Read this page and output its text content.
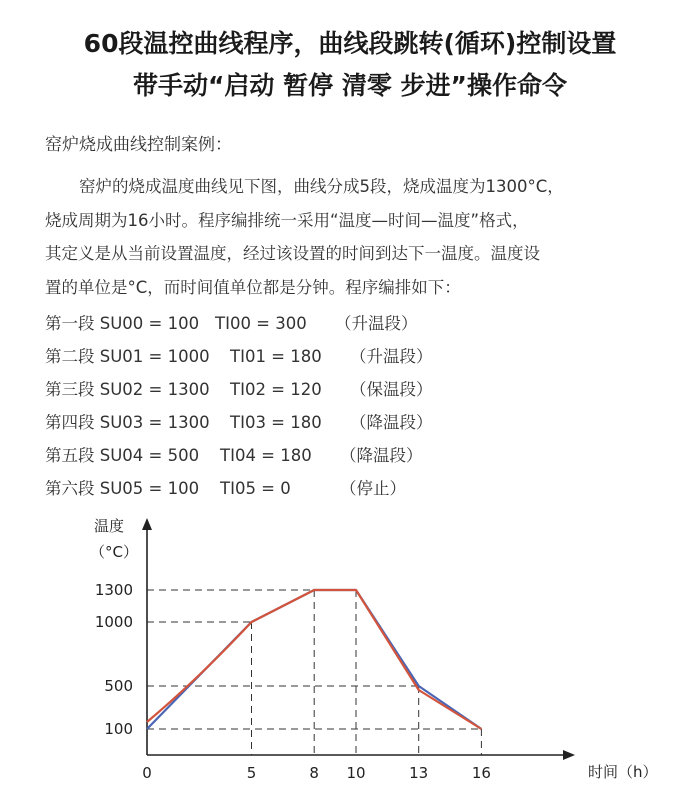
60段温控曲线程序，曲线段跳转(循环)控制设置
带手动“启动 暂停 清零 步进”操作命令
窑炉烧成曲线控制案例：

窑炉的烧成温度曲线见下图，曲线分成5段，烧成温度为1300°C，

烧成周期为16小时。程序编排统一采用“温度—时间—温度”格式，

其定义是从当前设置温度，经过该设置的时间到达下一温度。温度设

置的单位是°C，而时间值单位都是分钟。程序编排如下：

第一段 SU00 = 100 TI00 = 300 （升温段）
第二段 SU01 = 1000 TI01 = 180 （升温段）
第三段 SU02 = 1300 TI02 = 120 （保温段）
第四段 SU03 = 1300 TI03 = 180 （降温段）
第五段 SU04 = 500 TI04 = 180 （降温段）
第六段 SU05 = 100 TI05 = 0	（停止）
100
500
1000
1300
0	5	8 10	13	16
温度
（°C）
时间（h）
